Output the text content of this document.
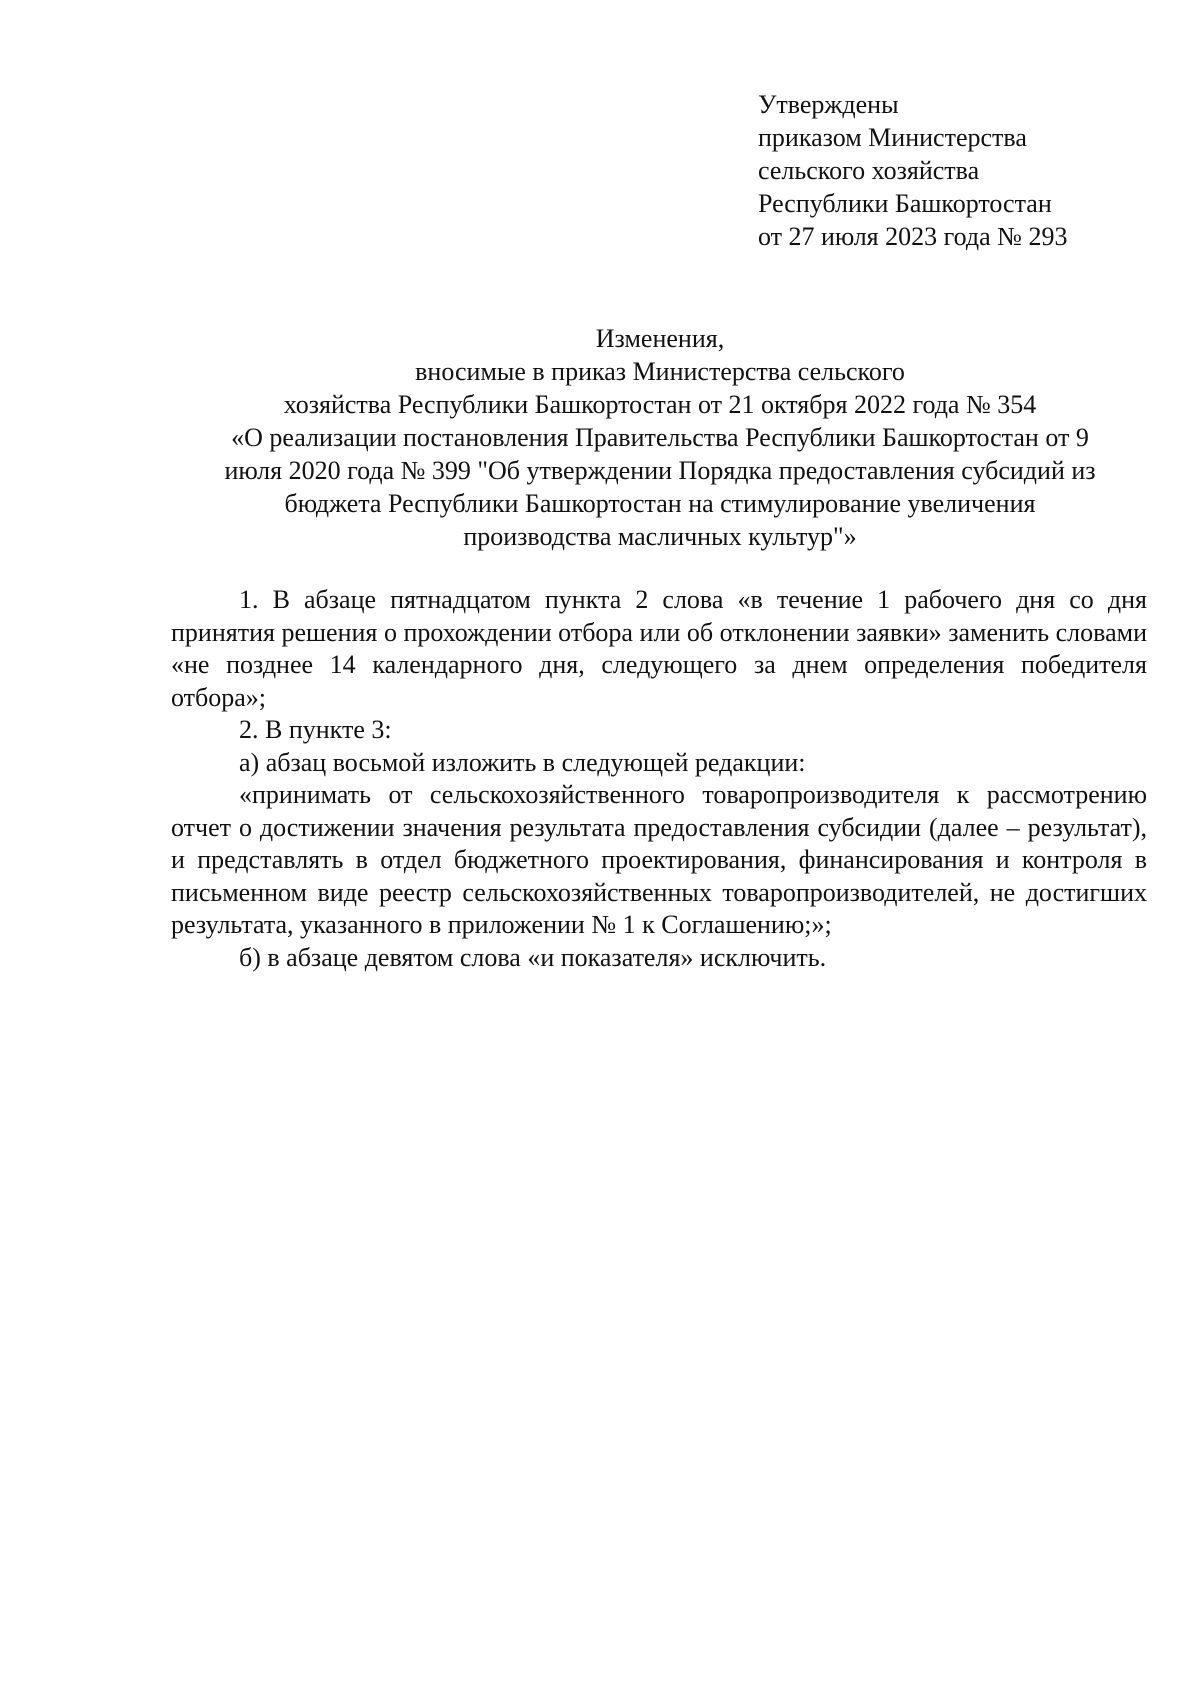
Утверждены
приказом Министерства
сельского хозяйства
Республики Башкортостан
от 27 июля 2023 года № 293
Изменения,
вносимые в приказ Министерства сельского
хозяйства Республики Башкортостан от 21 октября 2022 года № 354
«О реализации постановления Правительства Республики Башкортостан от 9
июля 2020 года № 399 "Об утверждении Порядка предоставления субсидий из
бюджета Республики Башкортостан на стимулирование увеличения
производства масличных культур"»

1. В абзаце пятнадцатом пункта 2 слова «в течение 1 рабочего дня со дня принятия решения о прохождении отбора или об отклонении заявки» заменить словами «не позднее 14 календарного дня, следующего за днем определения победителя отбора»;

2. В пункте 3:

а) абзац восьмой изложить в следующей редакции:

«принимать от сельскохозяйственного товаропроизводителя к рассмотрению отчет о достижении значения результата предоставления субсидии (далее – результат), и представлять в отдел бюджетного проектирования, финансирования и контроля в письменном виде реестр сельскохозяйственных товаропроизводителей, не достигших результата, указанного в приложении № 1 к Соглашению;»;

б) в абзаце девятом слова «и показателя» исключить.
